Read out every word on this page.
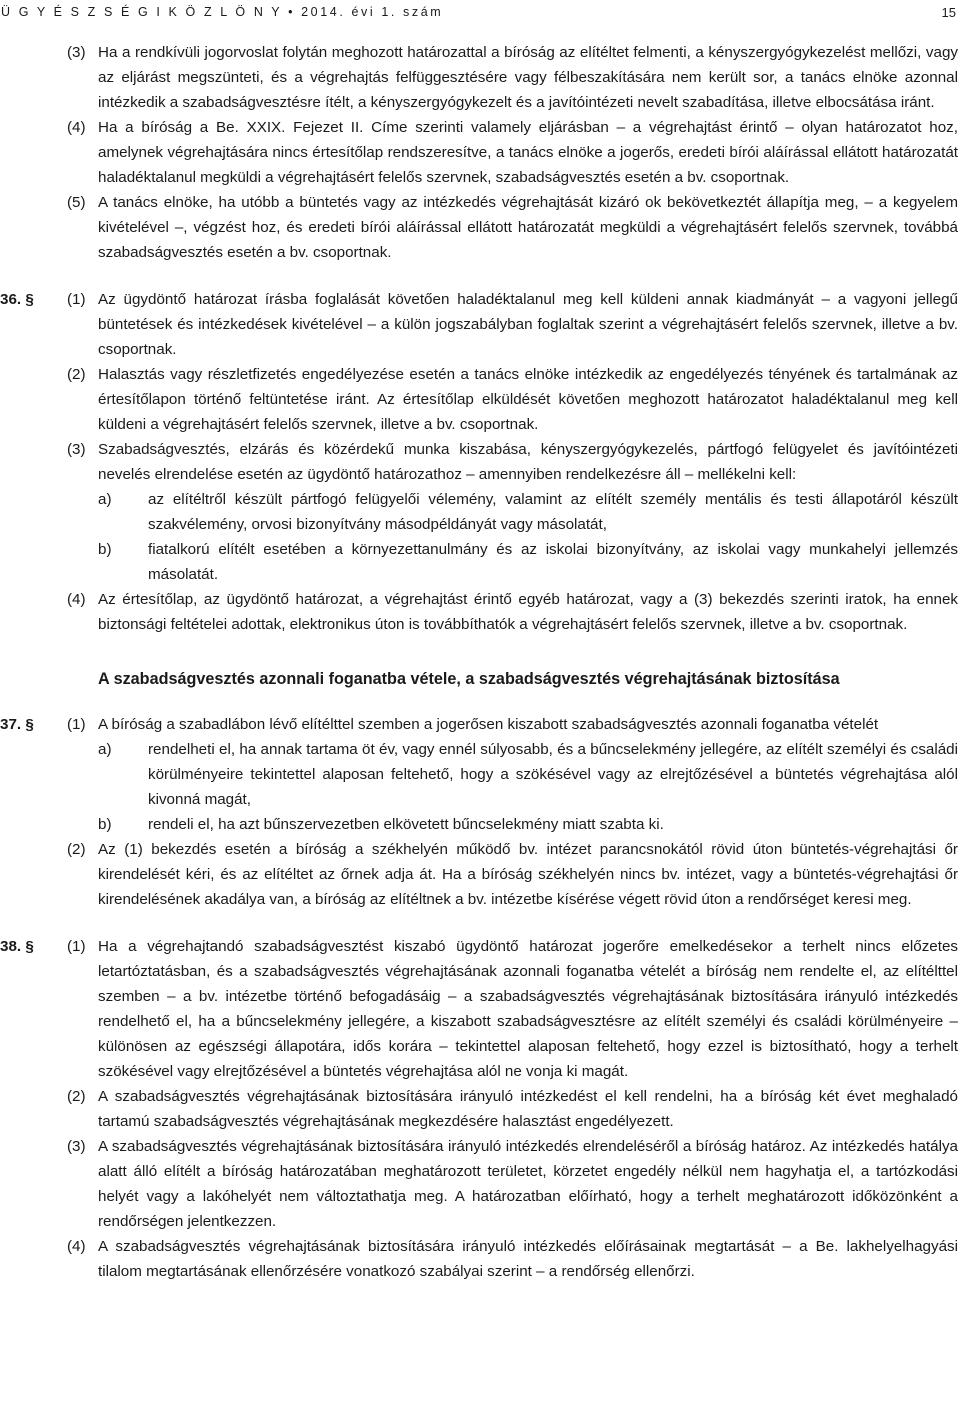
Ü G Y É S Z S É G I K Ö Z L Ö N Y • 2014. évi 1. szám	15
(3) Ha a rendkívüli jogorvoslat folytán meghozott határozattal a bíróság az elítéltet felmenti, a kényszergyógykezelést mellőzi, vagy az eljárást megszünteti, és a végrehajtás felfüggesztésére vagy félbeszakítására nem került sor, a tanács elnöke azonnal intézkedik a szabadságvesztésre ítélt, a kényszergyógykezelt és a javítóintézeti nevelt szabadítása, illetve elbocsátása iránt.
(4) Ha a bíróság a Be. XXIX. Fejezet II. Címe szerinti valamely eljárásban – a végrehajtást érintő – olyan határozatot hoz, amelynek végrehajtására nincs értesítőlap rendszeresítve, a tanács elnöke a jogerős, eredeti bírói aláírással ellátott határozatát haladéktalanul megküldi a végrehajtásért felelős szervnek, szabadságvesztés esetén a bv. csoportnak.
(5) A tanács elnöke, ha utóbb a büntetés vagy az intézkedés végrehajtását kizáró ok bekövetkeztét állapítja meg, – a kegyelem kivételével –, végzést hoz, és eredeti bírói aláírással ellátott határozatát megküldi a végrehajtásért felelős szervnek, továbbá szabadságvesztés esetén a bv. csoportnak.
36. § (1) Az ügydöntő határozat írásba foglalását követően haladéktalanul meg kell küldeni annak kiadmányát – a vagyoni jellegű büntetések és intézkedések kivételével – a külön jogszabályban foglaltak szerint a végrehajtásért felelős szervnek, illetve a bv. csoportnak.
(2) Halasztás vagy részletfizetés engedélyezése esetén a tanács elnöke intézkedik az engedélyezés tényének és tartalmának az értesítőlapon történő feltüntetése iránt. Az értesítőlap elküldését követően meghozott határozatot haladéktalanul meg kell küldeni a végrehajtásért felelős szervnek, illetve a bv. csoportnak.
(3) Szabadságvesztés, elzárás és közérdekű munka kiszabása, kényszergyógykezelés, pártfogó felügyelet és javítóintézeti nevelés elrendelése esetén az ügydöntő határozathoz – amennyiben rendelkezésre áll – mellékelni kell:
a) az elítéltről készült pártfogó felügyelői vélemény, valamint az elítélt személy mentális és testi állapotáról készült szakvélemény, orvosi bizonyítvány másodpéldányát vagy másolatát,
b) fiatalkorú elítélt esetében a környezettanulmány és az iskolai bizonyítvány, az iskolai vagy munkahelyi jellemzés másolatát.
(4) Az értesítőlap, az ügydöntő határozat, a végrehajtást érintő egyéb határozat, vagy a (3) bekezdés szerinti iratok, ha ennek biztonsági feltételei adottak, elektronikus úton is továbbíthatók a végrehajtásért felelős szervnek, illetve a bv. csoportnak.
A szabadságvesztés azonnali foganatba vétele, a szabadságvesztés végrehajtásának biztosítása
37. § (1) A bíróság a szabadlábon lévő elítélttel szemben a jogerősen kiszabott szabadságvesztés azonnali foganatba vételét
a) rendelheti el, ha annak tartama öt év, vagy ennél súlyosabb, és a bűncselekmény jellegére, az elítélt személyi és családi körülményeire tekintettel alaposan feltehető, hogy a szökésével vagy az elrejtőzésével a büntetés végrehajtása alól kivonná magát,
b) rendeli el, ha azt bűnszervezetben elkövetett bűncselekmény miatt szabta ki.
(2) Az (1) bekezdés esetén a bíróság a székhelyén működő bv. intézet parancsnokától rövid úton büntetés-végrehajtási őr kirendelését kéri, és az elítéltet az őrnek adja át. Ha a bíróság székhelyén nincs bv. intézet, vagy a büntetés-végrehajtási őr kirendelésének akadálya van, a bíróság az elítéltnek a bv. intézetbe kísérése végett rövid úton a rendőrséget keresi meg.
38. § (1) Ha a végrehajtandó szabadságvesztést kiszabó ügydöntő határozat jogerőre emelkedésekor a terhelt nincs előzetes letartóztatásban, és a szabadságvesztés végrehajtásának azonnali foganatba vételét a bíróság nem rendelte el, az elítélttel szemben – a bv. intézetbe történő befogadásáig – a szabadságvesztés végrehajtásának biztosítására irányuló intézkedés rendelhető el, ha a bűncselekmény jellegére, a kiszabott szabadságvesztésre az elítélt személyi és családi körülményeire – különösen az egészségi állapotára, idős korára – tekintettel alaposan feltehető, hogy ezzel is biztosítható, hogy a terhelt szökésével vagy elrejtőzésével a büntetés végrehajtása alól ne vonja ki magát.
(2) A szabadságvesztés végrehajtásának biztosítására irányuló intézkedést el kell rendelni, ha a bíróság két évet meghaladó tartamú szabadságvesztés végrehajtásának megkezdésére halasztást engedélyezett.
(3) A szabadságvesztés végrehajtásának biztosítására irányuló intézkedés elrendeléséről a bíróság határoz. Az intézkedés hatálya alatt álló elítélt a bíróság határozatában meghatározott területet, körzetet engedély nélkül nem hagyhatja el, a tartózkodási helyét vagy a lakóhelyét nem változtathatja meg. A határozatban előírható, hogy a terhelt meghatározott időközönként a rendőrségen jelentkezzen.
(4) A szabadságvesztés végrehajtásának biztosítására irányuló intézkedés előírásainak megtartását – a Be. lakhelyelhagyási tilalom megtartásának ellenőrzésére vonatkozó szabályai szerint – a rendőrség ellenőrzi.
